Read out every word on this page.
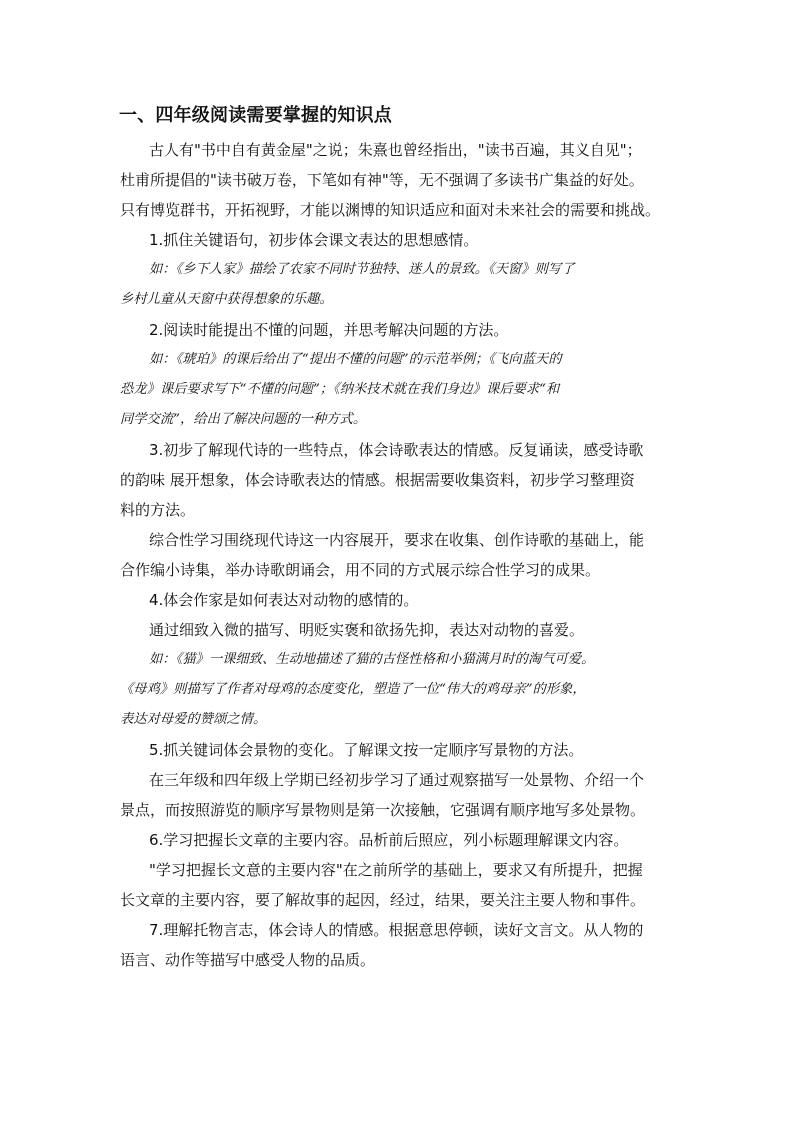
一、四年级阅读需要掌握的知识点
古人有"书中自有黄金屋"之说；朱熹也曾经指出，"读书百遍，其义自见"；
杜甫所提倡的"读书破万卷，下笔如有神"等，无不强调了多读书广集益的好处。
只有博览群书，开拓视野，才能以渊博的知识适应和面对未来社会的需要和挑战。
1.抓住关键语句，初步体会课文表达的思想感情。
如：《乡下人家》描绘了农家不同时节独特、迷人的景致。《天窗》则写了
乡村儿童从天窗中获得想象的乐趣。
2.阅读时能提出不懂的问题，并思考解决问题的方法。
如：《琥珀》的课后给出了“提出不懂的问题”的示范举例；《飞向蓝天的
恐龙》课后要求写下“不懂的问题”；《纳米技术就在我们身边》课后要求“和
同学交流”，给出了解决问题的一种方式。
3.初步了解现代诗的一些特点，体会诗歌表达的情感。反复诵读，感受诗歌
的韵味 展开想象，体会诗歌表达的情感。根据需要收集资料，初步学习整理资
料的方法。
综合性学习围绕现代诗这一内容展开，要求在收集、创作诗歌的基础上，能
合作编小诗集，举办诗歌朗诵会，用不同的方式展示综合性学习的成果。
4.体会作家是如何表达对动物的感情的。
通过细致入微的描写、明贬实褒和欲扬先抑，表达对动物的喜爱。
如：《猫》一课细致、生动地描述了猫的古怪性格和小猫满月时的淘气可爱。
《母鸡》则描写了作者对母鸡的态度变化，塑造了一位“伟大的鸡母亲”的形象，
表达对母爱的赞颂之情。
5.抓关键词体会景物的变化。了解课文按一定顺序写景物的方法。
在三年级和四年级上学期已经初步学习了通过观察描写一处景物、介绍一个
景点，而按照游览的顺序写景物则是第一次接触，它强调有顺序地写多处景物。
6.学习把握长文章的主要内容。品析前后照应，列小标题理解课文内容。
"学习把握长文意的主要内容"在之前所学的基础上，要求又有所提升，把握
长文章的主要内容，要了解故事的起因，经过，结果，要关注主要人物和事件。
7.理解托物言志，体会诗人的情感。根据意思停顿，读好文言文。从人物的
语言、动作等描写中感受人物的品质。
